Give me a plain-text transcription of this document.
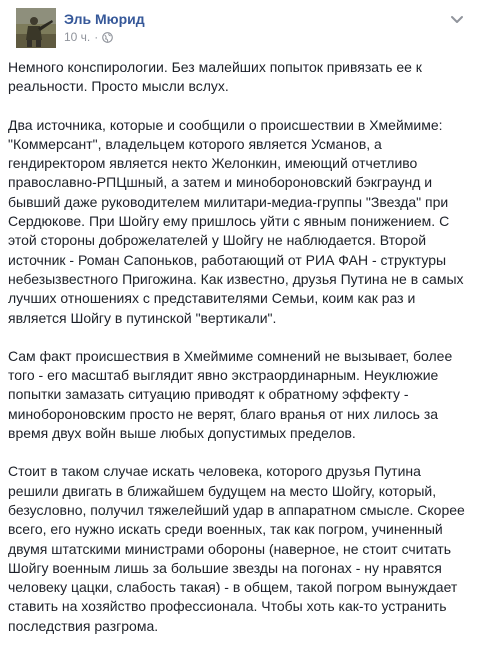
Эль Мюрид
10 ч. ·

Немного конспирологии. Без малейших попыток привязать ее к реальности. Просто мысли вслух.

Два источника, которые и сообщили о происшествии в Хмеймиме: "Коммерсант", владельцем которого является Усманов, а гендиректором является некто Желонкин, имеющий отчетливо православно-РПЦшный, а затем и минобороновский бэкграунд и бывший даже руководителем милитари-медиа-группы "Звезда" при Сердюкове. При Шойгу ему пришлось уйти с явным понижением. С этой стороны доброжелателей у Шойгу не наблюдается. Второй источник - Роман Сапоньков, работающий от РИА ФАН - структуры небезызвестного Пригожина. Как известно, друзья Путина не в самых лучших отношениях с представителями Семьи, коим как раз и является Шойгу в путинской "вертикали".

Сам факт происшествия в Хмеймиме сомнений не вызывает, более того - его масштаб выглядит явно экстраординарным. Неуклюжие попытки замазать ситуацию приводят к обратному эффекту - минобороновским просто не верят, благо вранья от них лилось за время двух войн выше любых допустимых пределов.

Стоит в таком случае искать человека, которого друзья Путина решили двигать в ближайшем будущем на место Шойгу, который, безусловно, получил тяжелейший удар в аппаратном смысле. Скорее всего, его нужно искать среди военных, так как погром, учиненный двумя штатскими министрами обороны (наверное, не стоит считать Шойгу военным лишь за большие звезды на погонах - ну нравятся человеку цацки, слабость такая) - в общем, такой погром вынуждает ставить на хозяйство профессионала. Чтобы хоть как-то устранить последствия разгрома.
